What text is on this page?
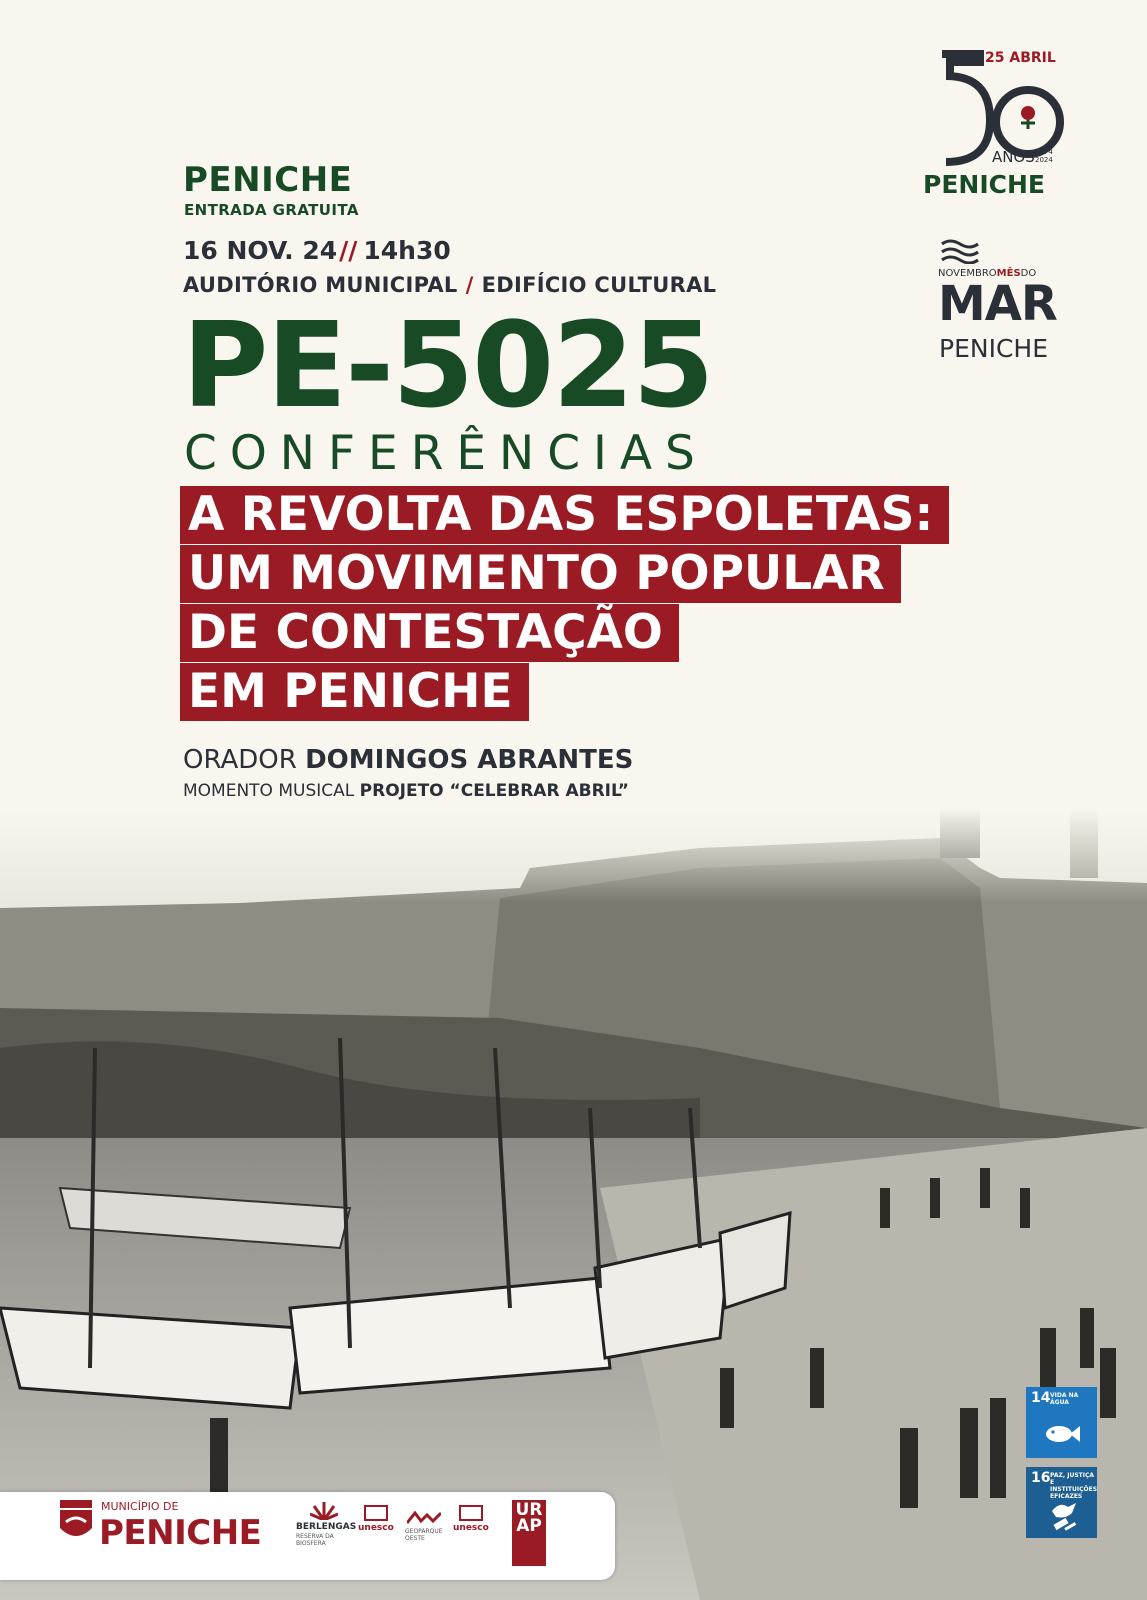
PENICHE
ENTRADA GRATUITA
16 NOV. 24// 14h30
AUDITÓRIO MUNICIPAL / EDIFÍCIO CULTURAL
PE-5025
CONFERÊNCIAS
A REVOLTA DAS ESPOLETAS:
UM MOVIMENTO POPULAR
DE CONTESTAÇÃO
EM PENICHE
ORADOR DOMINGOS ABRANTES
MOMENTO MUSICAL PROJETO “CELEBRAR ABRIL”
25 ABRIL
ANOS 1974
2024
PENICHE
NOVEMBROMÊSDO
MAR
PENICHE
MUNICÍPIO DE
PENICHE	BERLENGAS
RESERVA DA BIOSFERA
unesco GEOPARQUE OESTE
unesco
URAP
14 VIDA NA ÁGUA
16 PAZ, JUSTIÇA E INSTITUIÇÕES EFICAZES
